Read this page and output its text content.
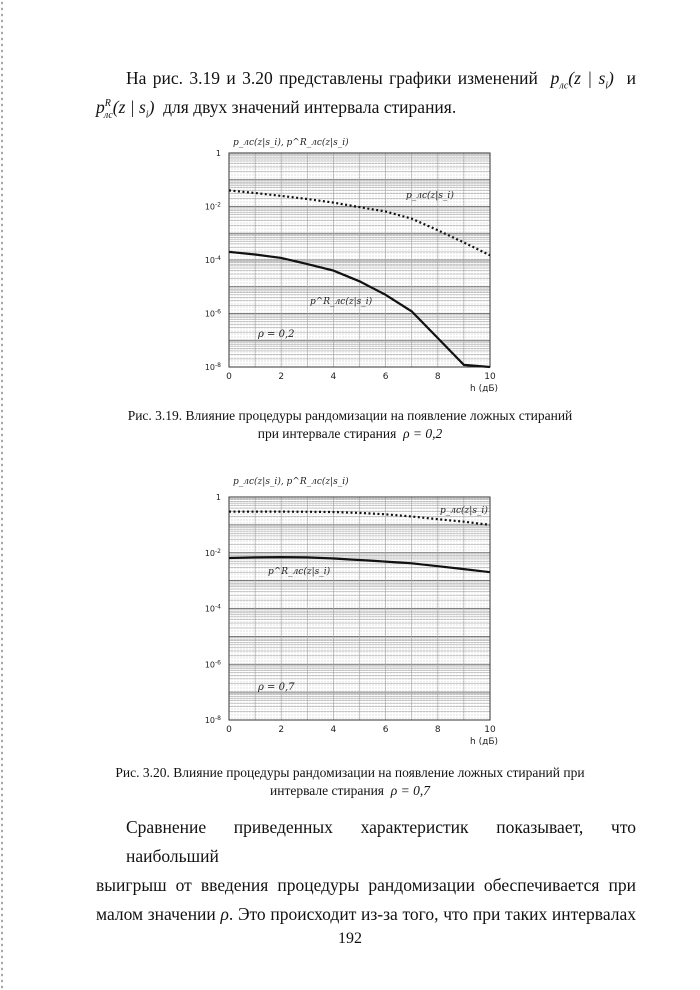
На рис. 3.19 и 3.20 представлены графики изменений $p_{лс}(z$ | $s_i$) и
$p^R_{лс}(z$ | $s_i$) для двух значений интервала стирания.
0	2	4	6	8	10
h (дБ)
1
$10^{-2}$
$10^{-4}$
$10^{-6}$
$10^{-8}$
p_лс(z|s_i), p^R_лс(z|s_i)
p_лс(z|s_i)
p^R_лс(z|s_i)
ρ = 0,2
0	2	4	6	8	10
h (дБ)
1
$10^{-2}$
$10^{-4}$
$10^{-6}$
$10^{-8}$
p_лс(z|s_i), p^R_лс(z|s_i)
p_лс(z|s_i)
p^R_лс(z|s_i)
ρ = 0,7
Рис. 3.19. Влияние процедуры рандомизации на появление ложных стираний
при интервале стирания ρ = 0,2
Рис. 3.20. Влияние процедуры рандомизации на появление ложных стираний при
интервале стирания ρ = 0,7
Сравнение приведенных характеристик показывает, что наибольший
выигрыш от введения процедуры рандомизации обеспечивается при
малом значении ρ. Это происходит из-за того, что при таких интервалах
192
